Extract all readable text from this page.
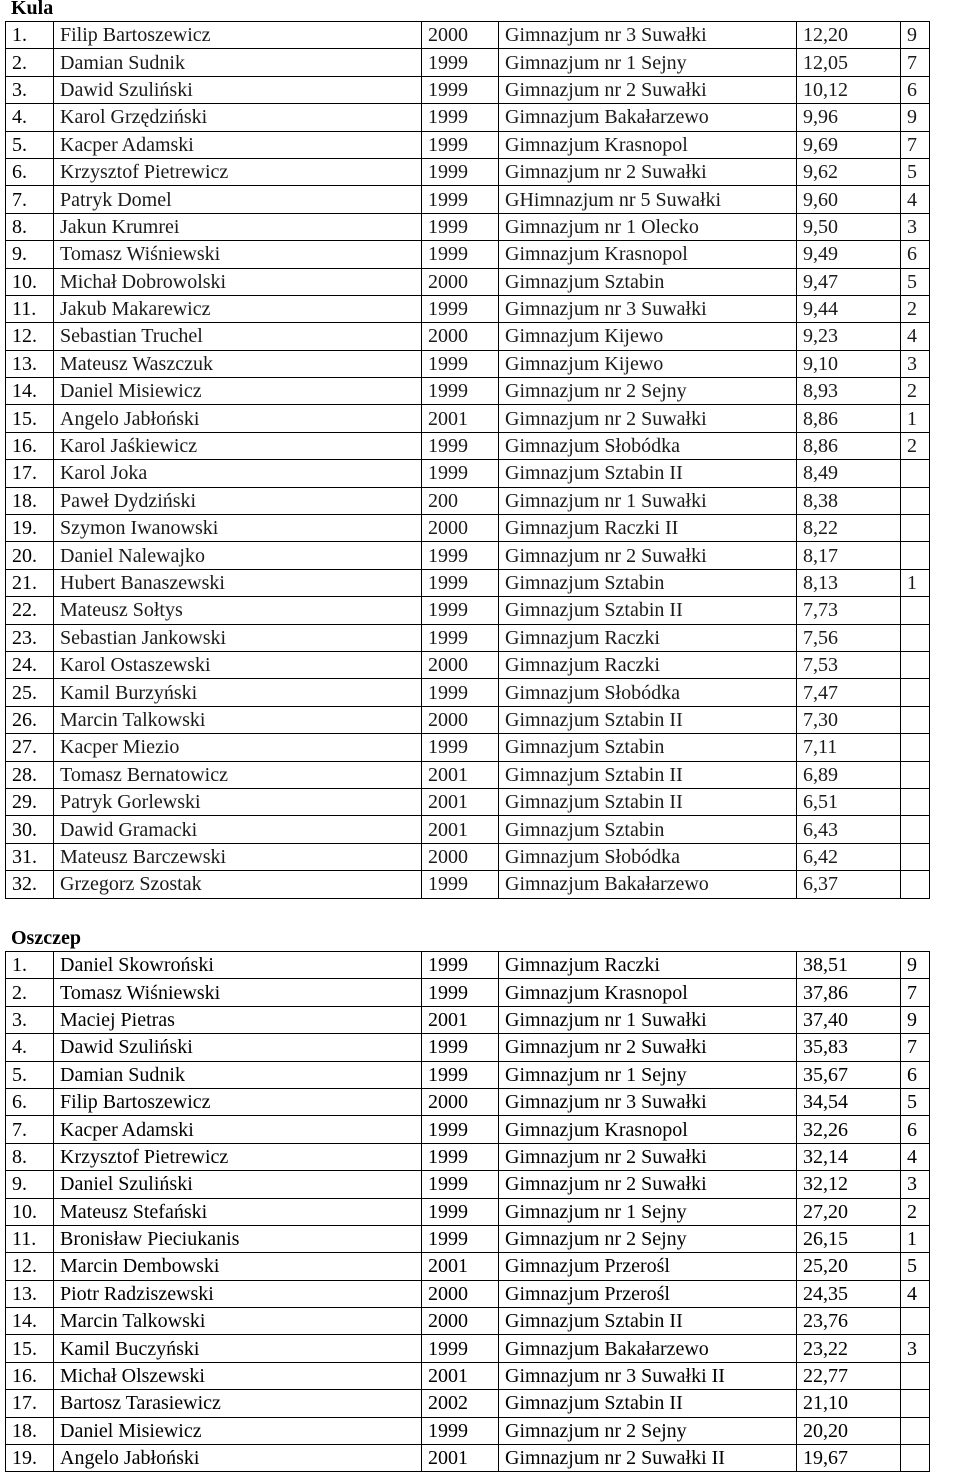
Kula
1.	Filip Bartoszewicz	2000	Gimnazjum nr 3 Suwałki	12,20	9
2.	Damian Sudnik	1999	Gimnazjum nr 1 Sejny	12,05	7
3.	Dawid Szuliński	1999	Gimnazjum nr 2 Suwałki	10,12	6
4.	Karol Grzędziński	1999	Gimnazjum Bakałarzewo	9,96	9
5.	Kacper Adamski	1999	Gimnazjum Krasnopol	9,69	7
6.	Krzysztof Pietrewicz	1999	Gimnazjum nr 2 Suwałki	9,62	5
7.	Patryk Domel	1999	GHimnazjum nr 5 Suwałki	9,60	4
8.	Jakun Krumrei	1999	Gimnazjum nr 1 Olecko	9,50	3
9.	Tomasz Wiśniewski	1999	Gimnazjum Krasnopol	9,49	6
10.	Michał Dobrowolski	2000	Gimnazjum Sztabin	9,47	5
11.	Jakub Makarewicz	1999	Gimnazjum nr 3 Suwałki	9,44	2
12.	Sebastian Truchel	2000	Gimnazjum Kijewo	9,23	4
13.	Mateusz Waszczuk	1999	Gimnazjum Kijewo	9,10	3
14.	Daniel Misiewicz	1999	Gimnazjum nr 2 Sejny	8,93	2
15.	Angelo Jabłoński	2001	Gimnazjum nr 2 Suwałki	8,86	1
16.	Karol Jaśkiewicz	1999	Gimnazjum Słobódka	8,86	2
17.	Karol Joka	1999	Gimnazjum Sztabin II	8,49	
18.	Paweł Dydziński	200	Gimnazjum nr 1 Suwałki	8,38	
19.	Szymon Iwanowski	2000	Gimnazjum Raczki II	8,22	
20.	Daniel Nalewajko	1999	Gimnazjum nr 2 Suwałki	8,17	
21.	Hubert Banaszewski	1999	Gimnazjum Sztabin	8,13	1
22.	Mateusz Sołtys	1999	Gimnazjum Sztabin II	7,73	
23.	Sebastian Jankowski	1999	Gimnazjum Raczki	7,56	
24.	Karol Ostaszewski	2000	Gimnazjum Raczki	7,53	
25.	Kamil Burzyński	1999	Gimnazjum Słobódka	7,47	
26.	Marcin Talkowski	2000	Gimnazjum Sztabin II	7,30	
27.	Kacper Miezio	1999	Gimnazjum Sztabin	7,11	
28.	Tomasz Bernatowicz	2001	Gimnazjum Sztabin II	6,89	
29.	Patryk Gorlewski	2001	Gimnazjum Sztabin II	6,51	
30.	Dawid Gramacki	2001	Gimnazjum Sztabin	6,43	
31.	Mateusz Barczewski	2000	Gimnazjum Słobódka	6,42	
32.	Grzegorz Szostak	1999	Gimnazjum Bakałarzewo	6,37	
Oszczep
1.	Daniel Skowroński	1999	Gimnazjum Raczki	38,51	9
2.	Tomasz Wiśniewski	1999	Gimnazjum Krasnopol	37,86	7
3.	Maciej Pietras	2001	Gimnazjum nr 1 Suwałki	37,40	9
4.	Dawid Szuliński	1999	Gimnazjum nr 2 Suwałki	35,83	7
5.	Damian Sudnik	1999	Gimnazjum nr 1 Sejny	35,67	6
6.	Filip Bartoszewicz	2000	Gimnazjum nr 3 Suwałki	34,54	5
7.	Kacper Adamski	1999	Gimnazjum Krasnopol	32,26	6
8.	Krzysztof Pietrewicz	1999	Gimnazjum nr 2 Suwałki	32,14	4
9.	Daniel Szuliński	1999	Gimnazjum nr 2 Suwałki	32,12	3
10.	Mateusz Stefański	1999	Gimnazjum nr 1 Sejny	27,20	2
11.	Bronisław Pieciukanis	1999	Gimnazjum nr 2 Sejny	26,15	1
12.	Marcin Dembowski	2001	Gimnazjum Przerośl	25,20	5
13.	Piotr Radziszewski	2000	Gimnazjum Przerośl	24,35	4
14.	Marcin Talkowski	2000	Gimnazjum Sztabin II	23,76	
15.	Kamil Buczyński	1999	Gimnazjum Bakałarzewo	23,22	3
16.	Michał Olszewski	2001	Gimnazjum nr 3 Suwałki II	22,77	
17.	Bartosz Tarasiewicz	2002	Gimnazjum Sztabin II	21,10	
18.	Daniel Misiewicz	1999	Gimnazjum nr 2 Sejny	20,20	
19.	Angelo Jabłoński	2001	Gimnazjum nr 2 Suwałki II	19,67	
